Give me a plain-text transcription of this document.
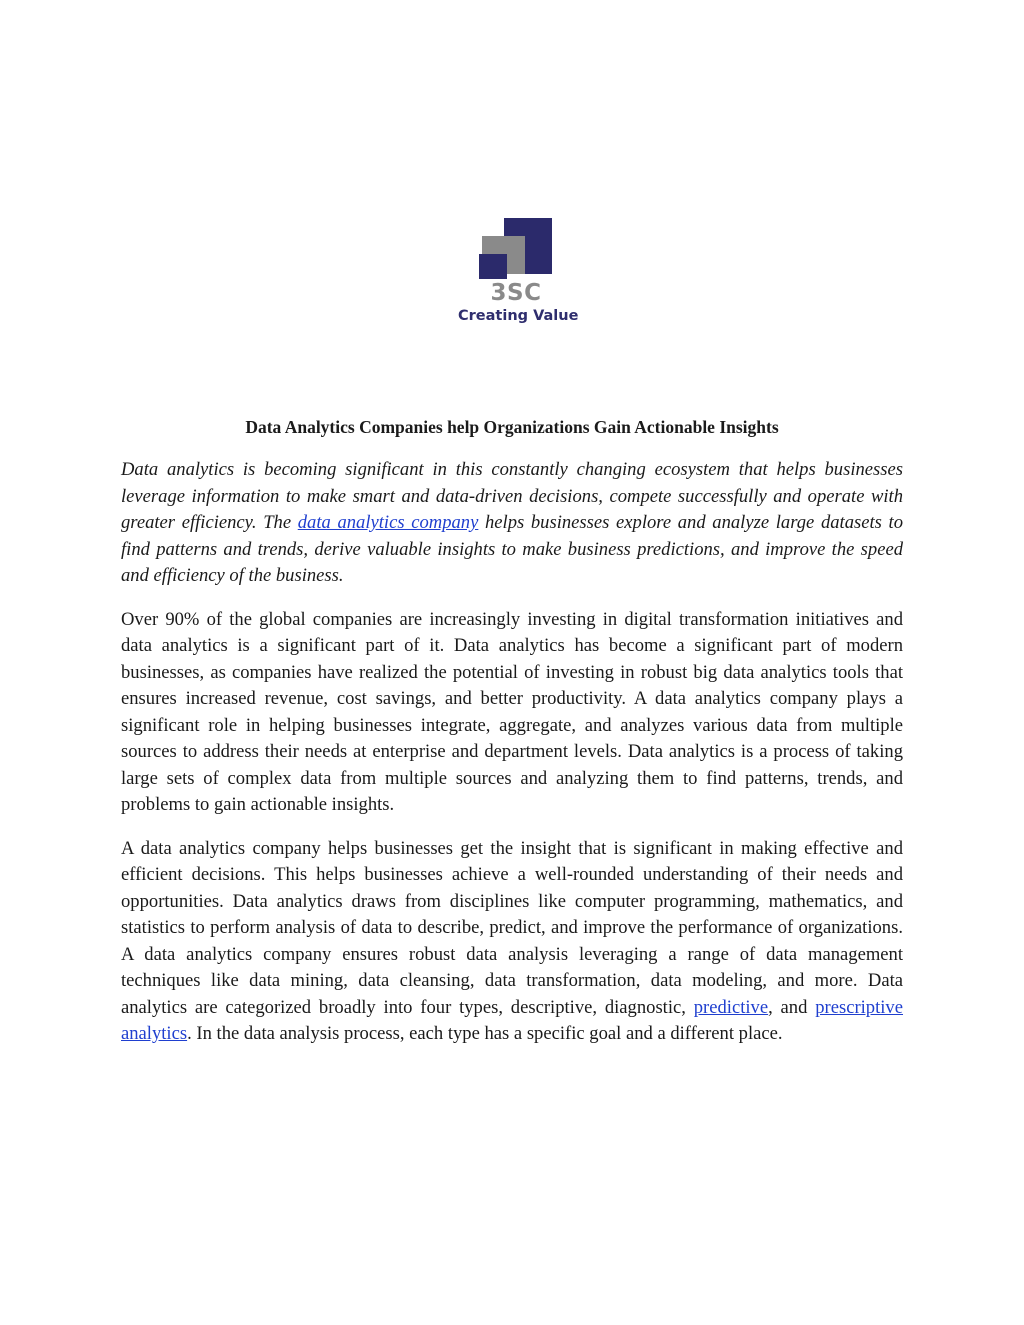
3SC
Creating Value
Data Analytics Companies help Organizations Gain Actionable Insights

Data analytics is becoming significant in this constantly changing ecosystem that helps businesses leverage information to make smart and data-driven decisions, compete successfully and operate with greater efficiency. The data analytics company helps businesses explore and analyze large datasets to find patterns and trends, derive valuable insights to make business predictions, and improve the speed and efficiency of the business.

Over 90% of the global companies are increasingly investing in digital transformation initiatives and data analytics is a significant part of it. Data analytics has become a significant part of modern businesses, as companies have realized the potential of investing in robust big data analytics tools that ensures increased revenue, cost savings, and better productivity. A data analytics company plays a significant role in helping businesses integrate, aggregate, and analyzes various data from multiple sources to address their needs at enterprise and department levels. Data analytics is a process of taking large sets of complex data from multiple sources and analyzing them to find patterns, trends, and problems to gain actionable insights.

A data analytics company helps businesses get the insight that is significant in making effective and efficient decisions. This helps businesses achieve a well-rounded understanding of their needs and opportunities. Data analytics draws from disciplines like computer programming, mathematics, and statistics to perform analysis of data to describe, predict, and improve the performance of organizations. A data analytics company ensures robust data analysis leveraging a range of data management techniques like data mining, data cleansing, data transformation, data modeling, and more. Data analytics are categorized broadly into four types, descriptive, diagnostic, predictive, and prescriptive analytics. In the data analysis process, each type has a specific goal and a different place.
